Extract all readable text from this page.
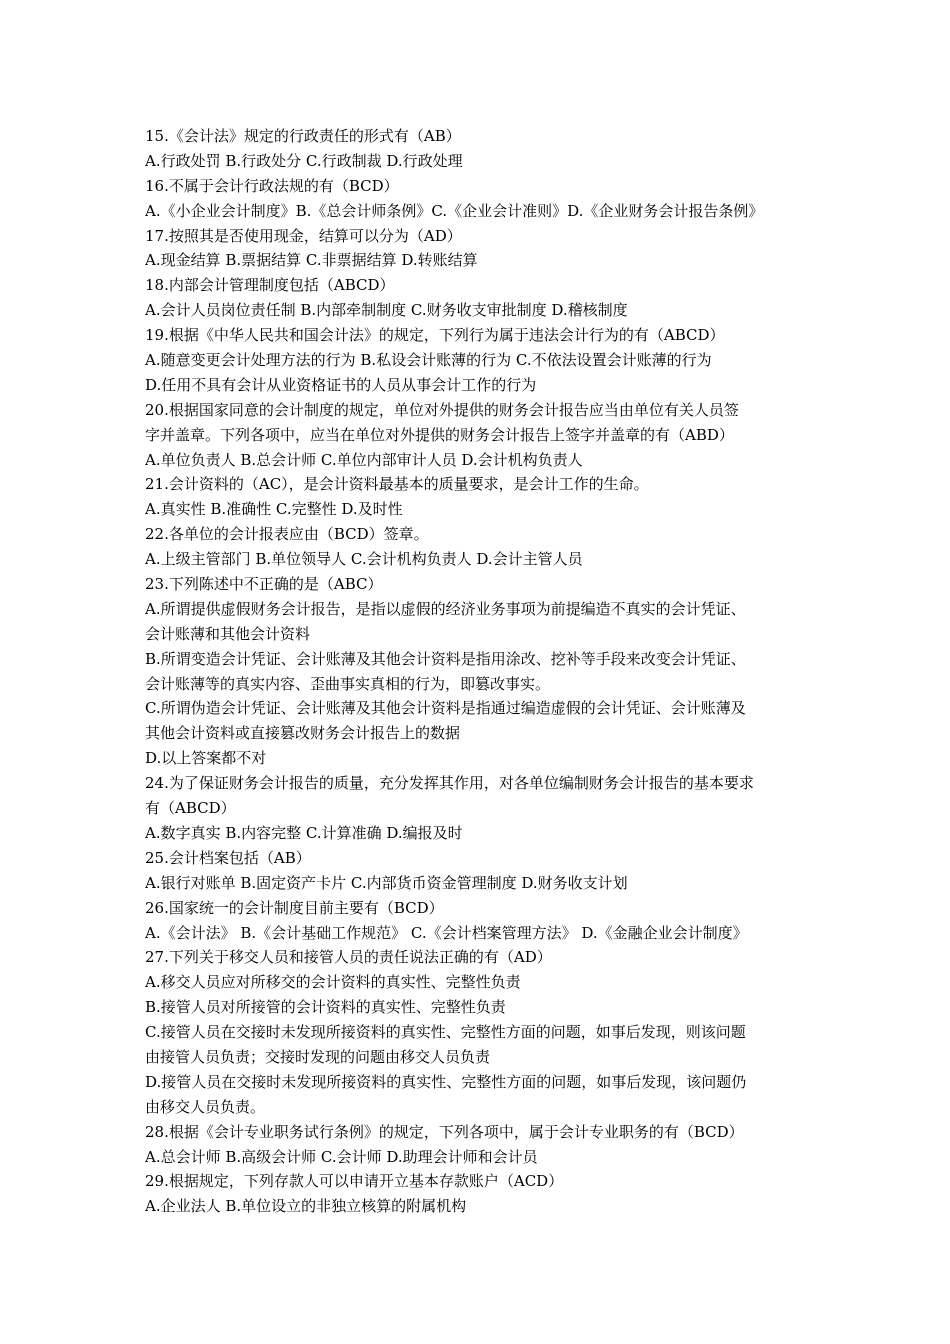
15.《会计法》规定的行政责任的形式有（AB）
A.行政处罚 B.行政处分 C.行政制裁 D.行政处理
16.不属于会计行政法规的有（BCD）
A.《小企业会计制度》B.《总会计师条例》C.《企业会计准则》D.《企业财务会计报告条例》
17.按照其是否使用现金，结算可以分为（AD）
A.现金结算 B.票据结算 C.非票据结算 D.转账结算
18.内部会计管理制度包括（ABCD）
A.会计人员岗位责任制 B.内部牵制制度 C.财务收支审批制度 D.稽核制度
19.根据《中华人民共和国会计法》的规定，下列行为属于违法会计行为的有（ABCD）
A.随意变更会计处理方法的行为 B.私设会计账薄的行为 C.不依法设置会计账薄的行为
D.任用不具有会计从业资格证书的人员从事会计工作的行为
20.根据国家同意的会计制度的规定，单位对外提供的财务会计报告应当由单位有关人员签
字并盖章。下列各项中，应当在单位对外提供的财务会计报告上签字并盖章的有（ABD）
A.单位负责人 B.总会计师 C.单位内部审计人员 D.会计机构负责人
21.会计资料的（AC），是会计资料最基本的质量要求，是会计工作的生命。
A.真实性 B.准确性 C.完整性 D.及时性
22.各单位的会计报表应由（BCD）签章。
A.上级主管部门 B.单位领导人 C.会计机构负责人 D.会计主管人员
23.下列陈述中不正确的是（ABC）
A.所谓提供虚假财务会计报告，是指以虚假的经济业务事项为前提编造不真实的会计凭证、
会计账薄和其他会计资料
B.所谓变造会计凭证、会计账薄及其他会计资料是指用涂改、挖补等手段来改变会计凭证、
会计账薄等的真实内容、歪曲事实真相的行为，即篡改事实。
C.所谓伪造会计凭证、会计账薄及其他会计资料是指通过编造虚假的会计凭证、会计账薄及
其他会计资料或直接篡改财务会计报告上的数据
D.以上答案都不对
24.为了保证财务会计报告的质量，充分发挥其作用，对各单位编制财务会计报告的基本要求
有（ABCD）
A.数字真实 B.内容完整 C.计算准确 D.编报及时
25.会计档案包括（AB）
A.银行对账单 B.固定资产卡片 C.内部货币资金管理制度 D.财务收支计划
26.国家统一的会计制度目前主要有（BCD）
A.《会计法》 B.《会计基础工作规范》 C.《会计档案管理方法》 D.《金融企业会计制度》
27.下列关于移交人员和接管人员的责任说法正确的有（AD）
A.移交人员应对所移交的会计资料的真实性、完整性负责
B.接管人员对所接管的会计资料的真实性、完整性负责
C.接管人员在交接时未发现所接资料的真实性、完整性方面的问题，如事后发现，则该问题
由接管人员负责；交接时发现的问题由移交人员负责
D.接管人员在交接时未发现所接资料的真实性、完整性方面的问题，如事后发现，该问题仍
由移交人员负责。
28.根据《会计专业职务试行条例》的规定，下列各项中，属于会计专业职务的有（BCD）
A.总会计师 B.高级会计师 C.会计师 D.助理会计师和会计员
29.根据规定，下列存款人可以申请开立基本存款账户（ACD）
A.企业法人 B.单位设立的非独立核算的附属机构
